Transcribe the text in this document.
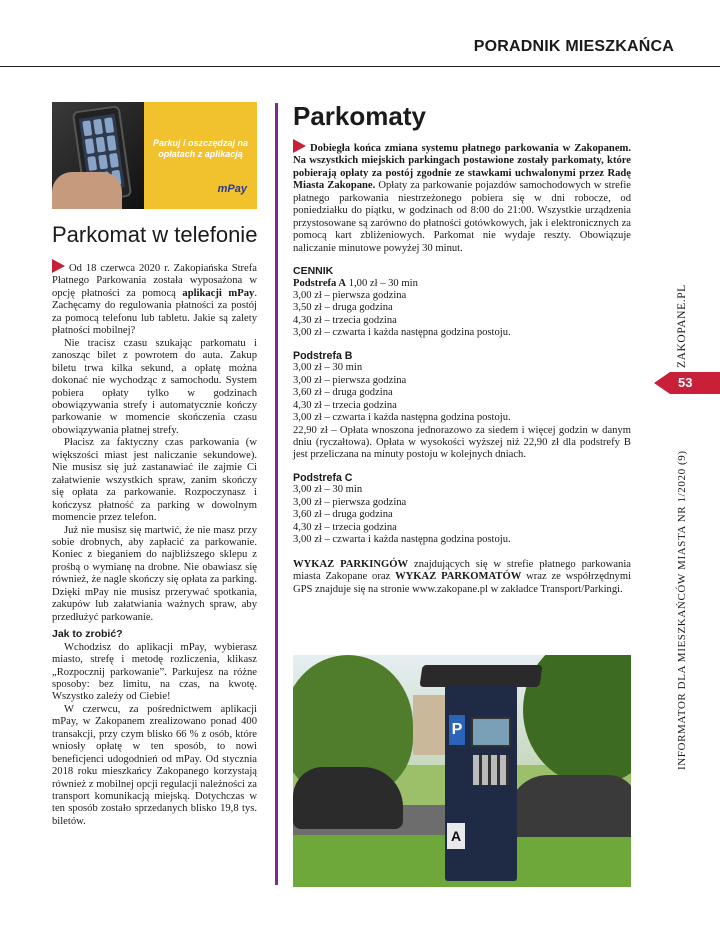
PORADNIK MIESZKAŃCA
Parkuj i oszczędzaj na opłatach z aplikacją
mPay
Parkomat w telefonie

Od 18 czerwca 2020 r. Zakopiańska Strefa Płatnego Parkowania została wyposażona w opcję płatności za pomocą aplikacji mPay. Zachęcamy do regulowania płatności za postój za pomocą telefonu lub tabletu. Jakie są zalety płatności mobilnej?

Nie tracisz czasu szukając parkomatu i zanosząc bilet z powrotem do auta. Zakup biletu trwa kilka sekund, a opłatę można dokonać nie wychodząc z samochodu. System pobiera opłaty tylko w godzinach obowiązywania strefy i automatycznie kończy parkowanie w momencie skończenia czasu obowiązywania płatnej strefy.

Płacisz za faktyczny czas parkowania (w większości miast jest naliczanie sekundowe). Nie musisz się już zastanawiać ile zajmie Ci załatwienie wszystkich spraw, zanim skończy się opłata za parkowanie. Rozpoczynasz i kończysz płatność za parking w dowolnym momencie przez telefon.

Już nie musisz się martwić, że nie masz przy sobie drobnych, aby zapłacić za parkowanie. Koniec z bieganiem do najbliższego sklepu z prośbą o wymianę na drobne. Nie obawiasz się również, że nagle skończy się opłata za parking. Dzięki mPay nie musisz przerywać spotkania, zakupów lub załatwiania ważnych spraw, aby przedłużyć parkowanie.

Jak to zrobić?

Wchodzisz do aplikacji mPay, wybierasz miasto, strefę i metodę rozliczenia, klikasz „Rozpocznij parkowanie”. Parkujesz na różne sposoby: bez limitu, na czas, na kwotę. Wszystko zależy od Ciebie!

W czerwcu, za pośrednictwem aplikacji mPay, w Zakopanem zrealizowano ponad 400 transakcji, przy czym blisko 66 % z osób, które wniosły opłatę w ten sposób, to nowi beneficjenci udogodnień od mPay. Od stycznia 2018 roku mieszkańcy Zakopanego korzystają również z mobilnej opcji regulacji należności za transport komunikacją miejską. Dotychczas w ten sposób zostało sprzedanych blisko 19,8 tys. biletów.

Parkomaty

Dobiegła końca zmiana systemu płatnego parkowania w Zakopanem. Na wszystkich miejskich parkingach postawione zostały parkomaty, które pobierają opłaty za postój zgodnie ze stawkami uchwalonymi przez Radę Miasta Zakopane. Opłaty za parkowanie pojazdów samochodowych w strefie płatnego parkowania niestrzeżonego pobiera się w dni robocze, od poniedziałku do piątku, w godzinach od 8:00 do 21:00. Wszystkie urządzenia przystosowane są zarówno do płatności gotówkowych, jak i elektronicznych za pomocą kart zbliżeniowych. Parkomat nie wydaje reszty. Obowiązuje naliczanie minutowe powyżej 30 minut.

CENNIK
Podstrefa A 1,00 zł – 30 min
3,00 zł – pierwsza godzina
3,50 zł – druga godzina
4,30 zł – trzecia godzina
3,00 zł – czwarta i każda następna godzina postoju.
Podstrefa B
3,00 zł – 30 min
3,00 zł – pierwsza godzina
3,60 zł – druga godzina
4,30 zł – trzecia godzina
3,00 zł – czwarta i każda następna godzina postoju.
22,90 zł – Opłata wnoszona jednorazowo za siedem i więcej godzin w danym dniu (ryczałtowa). Opłata w wysokości wyższej niż 22,90 zł dla podstrefy B jest przeliczana na minuty postoju w kolejnych dniach.
Podstrefa C
3,00 zł – 30 min
3,00 zł – pierwsza godzina
3,60 zł – druga godzina
4,30 zł – trzecia godzina
3,00 zł – czwarta i każda następna godzina postoju.

WYKAZ PARKINGÓW znajdujących się w strefie płatnego parkowania miasta Zakopane oraz WYKAZ PARKOMATÓW wraz ze współrzędnymi GPS znajduje się na stronie www.zakopane.pl w zakładce Transport/Parkingi.

P
A
ZAKOPANE.PL
53
INFORMATOR DLA MIESZKAŃCÓW MIASTA NR 1/2020 (9)
